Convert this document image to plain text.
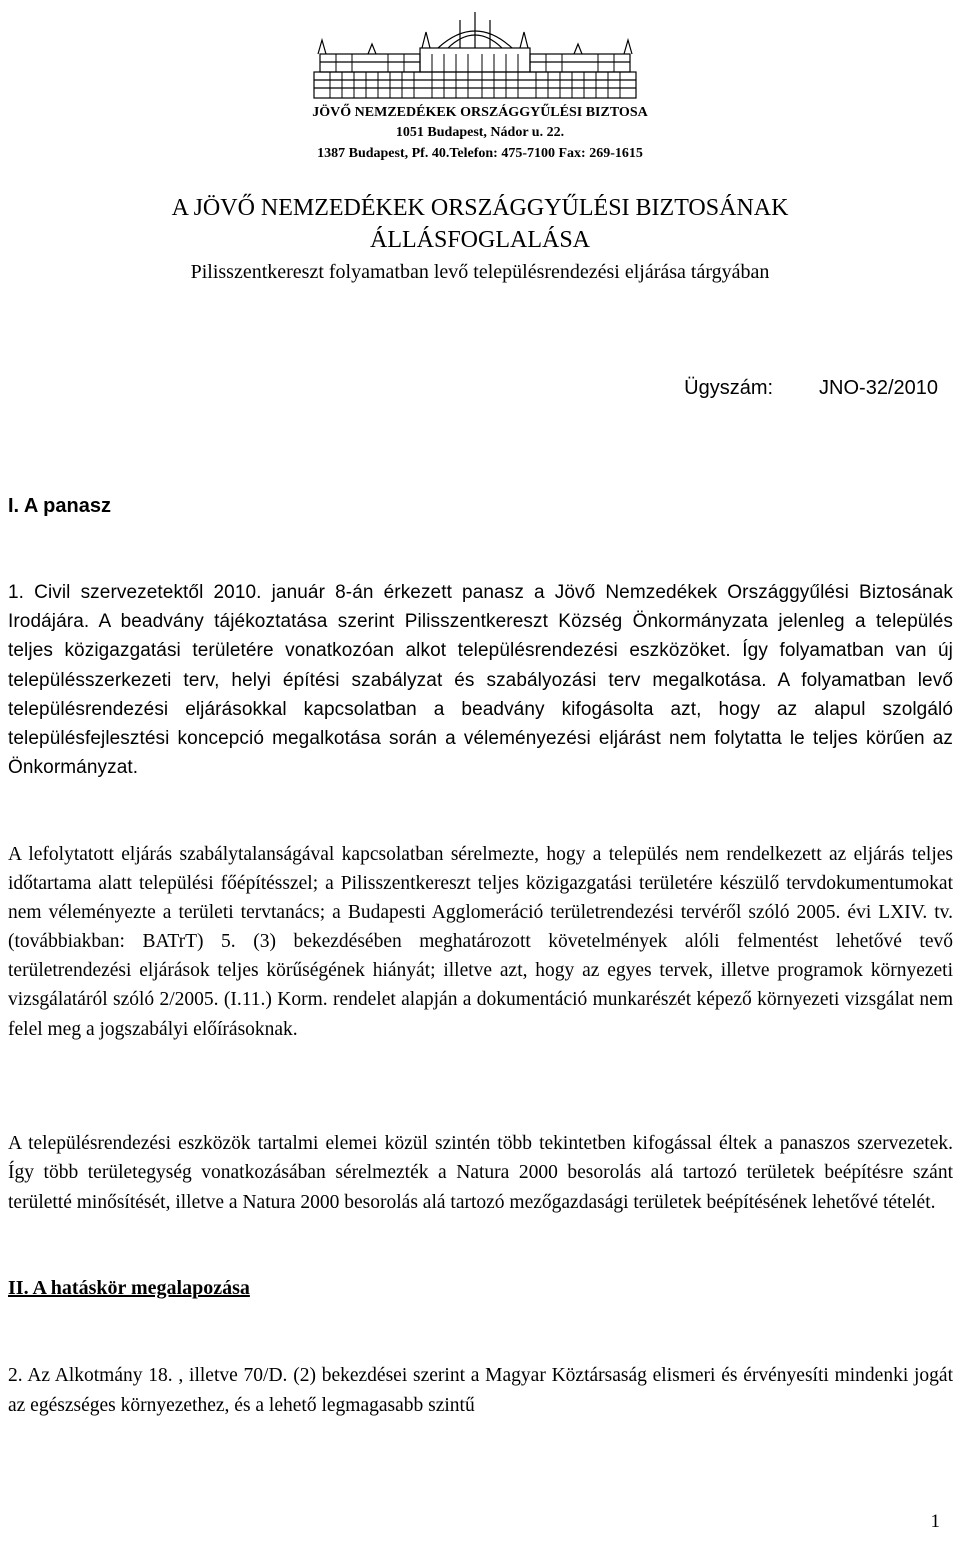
JÖVŐ NEMZEDÉKEK ORSZÁGGYŰLÉSI BIZTOSA
1051 Budapest, Nádor u. 22.
1387 Budapest, Pf. 40.Telefon: 475-7100 Fax: 269-1615
A JÖVŐ NEMZEDÉKEK ORSZÁGGYŰLÉSI BIZTOSÁNAK
ÁLLÁSFOGLALÁSA
Pilisszentkereszt folyamatban levő településrendezési eljárása tárgyában
Ügyszám: JNO-32/2010
I. A panasz

1. Civil szervezetektől 2010. január 8-án érkezett panasz a Jövő Nemzedékek Országgyűlési Biztosának Irodájára. A beadvány tájékoztatása szerint Pilisszentkereszt Község Önkormányzata jelenleg a település teljes közigazgatási területére vonatkozóan alkot településrendezési eszközöket. Így folyamatban van új településszerkezeti terv, helyi építési szabályzat és szabályozási terv megalkotása. A folyamatban levő településrendezési eljárásokkal kapcsolatban a beadvány kifogásolta azt, hogy az alapul szolgáló településfejlesztési koncepció megalkotása során a véleményezési eljárást nem folytatta le teljes körűen az Önkormányzat.

A lefolytatott eljárás szabálytalanságával kapcsolatban sérelmezte, hogy a település nem rendelkezett az eljárás teljes időtartama alatt települési főépítésszel; a Pilisszentkereszt teljes közigazgatási területére készülő tervdokumentumokat nem véleményezte a területi tervtanács; a Budapesti Agglomeráció területrendezési tervéről szóló 2005. évi LXIV. tv. (továbbiakban: BATrT) 5. (3) bekezdésében meghatározott követelmények alóli felmentést lehetővé tevő területrendezési eljárások teljes körűségének hiányát; illetve azt, hogy az egyes tervek, illetve programok környezeti vizsgálatáról szóló 2/2005. (I.11.) Korm. rendelet alapján a dokumentáció munkarészét képező környezeti vizsgálat nem felel meg a jogszabályi előírásoknak.

A településrendezési eszközök tartalmi elemei közül szintén több tekintetben kifogással éltek a panaszos szervezetek. Így több területegység vonatkozásában sérelmezték a Natura 2000 besorolás alá tartozó területek beépítésre szánt területté minősítését, illetve a Natura 2000 besorolás alá tartozó mezőgazdasági területek beépítésének lehetővé tételét.

II. A hatáskör megalapozása

2. Az Alkotmány 18. , illetve 70/D. (2) bekezdései szerint a Magyar Köztársaság elismeri és érvényesíti mindenki jogát az egészséges környezethez, és a lehető legmagasabb szintű

1
